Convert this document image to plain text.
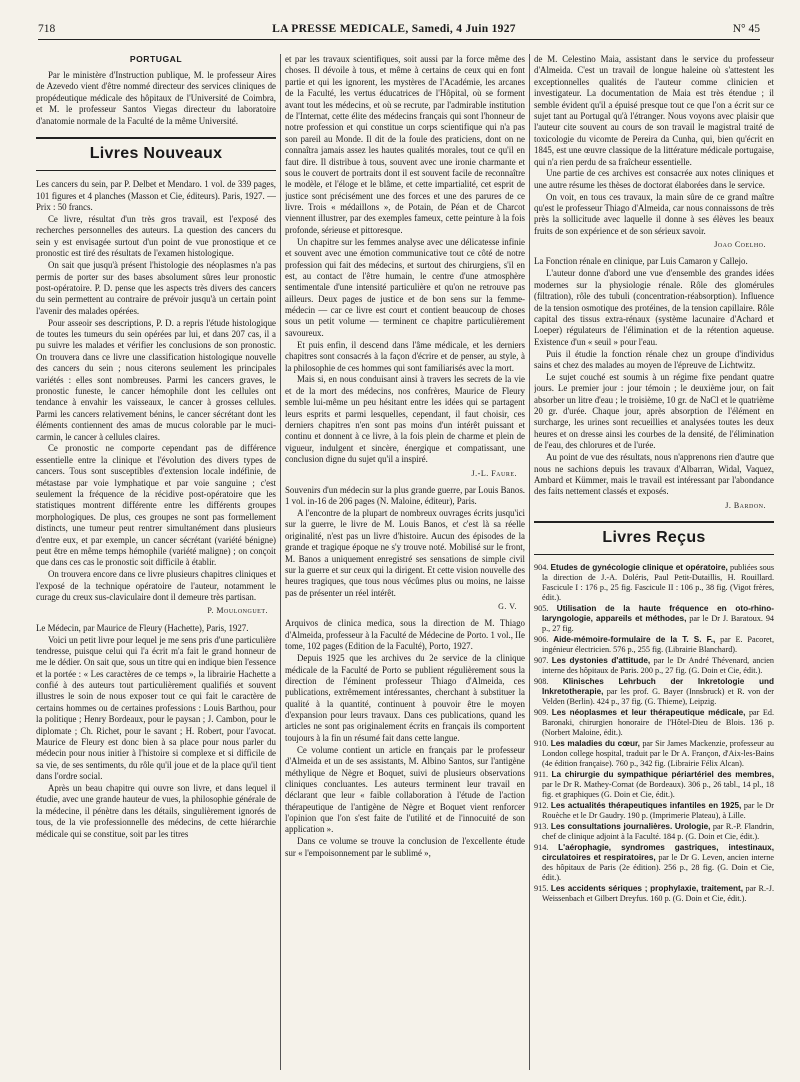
718	LA PRESSE MEDICALE, Samedi, 4 Juin 1927	N° 45
PORTUGAL

Par le ministère d'Instruction publique, M. le professeur Aires de Azevedo vient d'être nommé directeur des services cliniques de propédeutique médicale des hôpitaux de l'Université de Coimbra, et M. le professeur Santos Viegas directeur du laboratoire d'anatomie normale de la Faculté de la même Université.

Livres Nouveaux

Les cancers du sein, par P. Delbet et Mendaro. 1 vol. de 339 pages, 101 figures et 4 planches (Masson et Cie, éditeurs). Paris, 1927. — Prix : 50 francs.

Ce livre, résultat d'un très gros travail, est l'exposé des recherches personnelles des auteurs. La question des cancers du sein y est envisagée surtout d'un point de vue pronostique et ce pronostic est tiré des résultats de l'examen histologique.

On sait que jusqu'à présent l'histologie des néoplasmes n'a pas permis de porter sur des bases absolument sûres leur pronostic post-opératoire. P. D. pense que les aspects très divers des cancers du sein permettent au contraire de prévoir jusqu'à un certain point l'avenir des malades opérées.

Pour asseoir ses descriptions, P. D. a repris l'étude histologique de toutes les tumeurs du sein opérées par lui, et dans 207 cas, il a pu suivre les malades et vérifier les conclusions de son pronostic. On trouvera dans ce livre une classification histologique nouvelle des cancers du sein ; nous citerons seulement les principales variétés : elles sont nombreuses. Parmi les cancers graves, le pronostic funeste, le cancer hémophile dont les cellules ont tendance à envahir les vaisseaux, le cancer à grosses cellules. Parmi les cancers relativement bénins, le cancer sécrétant dont les éléments contiennent des amas de mucus colorable par le muci-carmin, le cancer à cellules claires.

Ce pronostic ne comporte cependant pas de différence essentielle entre la clinique et l'évolution des divers types de cancers. Tous sont susceptibles d'extension locale indéfinie, de métastase par voie lymphatique et par voie sanguine ; c'est seulement la fréquence de la récidive post-opératoire que les statistiques montrent différente entre les différents groupes morphologiques. De plus, ces groupes ne sont pas formellement distincts, une tumeur peut rentrer simultanément dans plusieurs d'entre eux, et par exemple, un cancer sécrétant (variété bénigne) peut être en même temps hémophile (variété maligne) ; on conçoit que dans ces cas le pronostic soit difficile à établir.

On trouvera encore dans ce livre plusieurs chapitres cliniques et l'exposé de la technique opératoire de l'auteur, notamment le curage du creux sus-claviculaire dont il demeure très partisan.

P. Moulonguet.

Le Médecin, par Maurice de Fleury (Hachette), Paris, 1927.

Voici un petit livre pour lequel je me sens pris d'une particulière tendresse, puisque celui qui l'a écrit m'a fait le grand honneur de me le dédier. On sait que, sous un titre qui en indique bien l'essence et la portée : « Les caractères de ce temps », la librairie Hachette a confié à des auteurs tout particulièrement qualifiés et souvent illustres le soin de nous exposer tout ce qui fait le caractère de certains hommes ou de certaines professions : Louis Barthou, pour la politique ; Henry Bordeaux, pour le paysan ; J. Cambon, pour le diplomate ; Ch. Richet, pour le savant ; H. Robert, pour l'avocat. Maurice de Fleury est donc bien à sa place pour nous parler du médecin pour nous initier à l'histoire si complexe et si difficile de sa vie, de ses sentiments, du rôle qu'il joue et de la place qu'il tient dans l'ordre social.

Après un beau chapitre qui ouvre son livre, et dans lequel il étudie, avec une grande hauteur de vues, la philosophie générale de la médecine, il pénètre dans les détails, singulièrement ignorés de tous, de la vie professionnelle des médecins, de cette hiérarchie médicale qui se constitue, soit par les titres

et par les travaux scientifiques, soit aussi par la force même des choses. Il dévoile à tous, et même à certains de ceux qui en font partie et qui les ignorent, les mystères de l'Académie, les arcanes de la Faculté, les vertus éducatrices de l'Hôpital, où se forment avant tout les médecins, et où se recrute, par l'admirable institution de l'Internat, cette élite des médecins français qui sont l'honneur de notre profession et qui constitue un corps scientifique qui n'a pas son pareil au Monde. Il dit de la foule des praticiens, dont on ne connaîtra jamais assez les hautes qualités morales, tout ce qu'il en faut dire. Il distribue à tous, souvent avec une ironie charmante et sous le couvert de portraits dont il est souvent facile de reconnaître le modèle, et l'éloge et le blâme, et cette impartialité, cet esprit de justice sont précisément une des forces et une des parures de ce livre. Trois « médaillons », de Potain, de Péan et de Charcot viennent illustrer, par des exemples fameux, cette peinture à la fois profonde, sérieuse et pittoresque.

Un chapitre sur les femmes analyse avec une délicatesse infinie et souvent avec une émotion communicative tout ce côté de notre profession qui fait des médecins, et surtout des chirurgiens, s'il en est, au contact de l'être humain, le centre d'une atmosphère sentimentale d'une intensité particulière et qu'on ne retrouve pas ailleurs. Deux pages de justice et de bon sens sur la femme-médecin — car ce livre est court et contient beaucoup de choses sous un petit volume — terminent ce chapitre particulièrement savoureux.

Et puis enfin, il descend dans l'âme médicale, et les derniers chapitres sont consacrés à la façon d'écrire et de penser, au style, à la philosophie de ces hommes qui sont familiarisés avec la mort.

Mais si, en nous conduisant ainsi à travers les secrets de la vie et de la mort des médecins, nos confrères, Maurice de Fleury semble lui-même un peu hésitant entre les idées qui se partagent leurs esprits et parmi lesquelles, cependant, il faut choisir, ces derniers chapitres n'en sont pas moins d'un intérêt puissant et continu et donnent à ce livre, à la fois plein de charme et plein de vigueur, indulgent et sincère, énergique et compatissant, une conclusion digne du sujet qu'il a inspiré.

J.-L. Faure.

Souvenirs d'un médecin sur la plus grande guerre, par Louis Banos. 1 vol. in-16 de 206 pages (N. Maloine, éditeur), Paris.

A l'encontre de la plupart de nombreux ouvrages écrits jusqu'ici sur la guerre, le livre de M. Louis Banos, et c'est là sa réelle originalité, n'est pas un livre d'histoire. Aucun des épisodes de la grande et tragique époque ne s'y trouve noté. Mobilisé sur le front, M. Banos a uniquement enregistré ses sensations de simple civil sur la guerre et sur ceux qui la dirigent. Et cette vision nouvelle des heures tragiques, que tous nous vécûmes plus ou moins, ne laisse pas de présenter un réel intérêt.

G. V.

Arquivos de clinica medica, sous la direction de M. Thiago d'Almeida, professeur à la Faculté de Médecine de Porto. 1 vol., IIe tome, 102 pages (Edition de la Faculté), Porto, 1927.

Depuis 1925 que les archives du 2e service de la clinique médicale de la Faculté de Porto se publient régulièrement sous la direction de l'éminent professeur Thiago d'Almeida, ces publications, extrêmement intéressantes, cherchant à substituer la qualité à la quantité, continuent à pouvoir être le moyen d'expansion pour leurs travaux. Dans ces publications, quand les articles ne sont pas originalement écrits en français ils comportent toujours à la fin un résumé fait dans cette langue.

Ce volume contient un article en français par le professeur d'Almeida et un de ses assistants, M. Albino Santos, sur l'antigène méthylique de Nègre et Boquet, suivi de plusieurs observations cliniques concluantes. Les auteurs terminent leur travail en déclarant que leur « faible collaboration à l'étude de l'action thérapeutique de l'antigène de Nègre et Boquet vient renforcer l'opinion que l'on s'est faite de l'utilité et de l'innocuité de son application ».

Dans ce volume se trouve la conclusion de l'excellente étude sur « l'empoisonnement par le sublimé »,

de M. Celestino Maia, assistant dans le service du professeur d'Almeida. C'est un travail de longue haleine où s'attestent les exceptionnelles qualités de l'auteur comme clinicien et investigateur. La documentation de Maia est très étendue ; il semble évident qu'il a épuisé presque tout ce que l'on a écrit sur ce sujet tant au Portugal qu'à l'étranger. Nous voyons avec plaisir que l'auteur cite souvent au cours de son travail le magistral traité de toxicologie du vicomte de Pereira da Cunha, qui, bien qu'écrit en 1845, est une œuvre classique de la littérature médicale portugaise, qui n'a rien perdu de sa fraîcheur essentielle.

Une partie de ces archives est consacrée aux notes cliniques et une autre résume les thèses de doctorat élaborées dans le service.

On voit, en tous ces travaux, la main sûre de ce grand maître qu'est le professeur Thiago d'Almeida, car nous connaissons de très près la sollicitude avec laquelle il donne à ses élèves les beaux fruits de son expérience et de son sérieux savoir.

Joao Coelho.

La Fonction rénale en clinique, par Luis Camaron y Callejo.

L'auteur donne d'abord une vue d'ensemble des grandes idées modernes sur la physiologie rénale. Rôle des glomérules (filtration), rôle des tubuli (concentration-réabsorption). Influence de la tension osmotique des protéines, de la tension capillaire. Rôle capital des tissus extra-rénaux (système lacunaire d'Achard et Loeper) régulateurs de l'élimination et de la rétention aqueuse. Existence d'un « seuil » pour l'eau.

Puis il étudie la fonction rénale chez un groupe d'individus sains et chez des malades au moyen de l'épreuve de Lichtwitz.

Le sujet couché est soumis à un régime fixe pendant quatre jours. Le premier jour : jour témoin ; le deuxième jour, on fait absorber un litre d'eau ; le troisième, 10 gr. de NaCl et le quatrième 20 gr. d'urée. Chaque jour, après absorption de l'élément en surcharge, les urines sont recueillies et analysées toutes les deux heures et on dresse ainsi les courbes de la densité, de l'élimination de l'eau, des chlorures et de l'urée.

Au point de vue des résultats, nous n'apprenons rien d'autre que nous ne sachions depuis les travaux d'Albarran, Widal, Vaquez, Ambard et Kümmer, mais le travail est intéressant par l'abondance des faits nettement classés et exposés.

J. Bardon.
Livres Reçus

904. Etudes de gynécologie clinique et opératoire, publiées sous la direction de J.-A. Doléris, Paul Petit-Dutaillis, H. Rouillard. Fascicule I : 176 p., 25 fig. Fascicule II : 106 p., 38 fig. (Vigot frères, édit.).

905. Utilisation de la haute fréquence en oto-rhino-laryngologie, appareils et méthodes, par le Dr J. Baratoux. 94 p., 27 fig.

906. Aide-mémoire-formulaire de la T. S. F., par E. Pacoret, ingénieur électricien. 576 p., 255 fig. (Librairie Blanchard).

907. Les dystonies d'attitude, par le Dr André Thévenard, ancien interne des hôpitaux de Paris. 200 p., 27 fig. (G. Doin et Cie, édit.).

908. Klinisches Lehrbuch der Inkretologie und Inkretotherapie, par les prof. G. Bayer (Innsbruck) et R. von der Velden (Berlin). 424 p., 37 fig. (G. Thieme), Leipzig.

909. Les néoplasmes et leur thérapeutique médicale, par Ed. Baronaki, chirurgien honoraire de l'Hôtel-Dieu de Blois. 136 p. (Norbert Maloine, édit.).

910. Les maladies du cœur, par Sir James Mackenzie, professeur au London college hospital, traduit par le Dr A. Françon, d'Aix-les-Bains (4e édition française). 760 p., 342 fig. (Librairie Félix Alcan).

911. La chirurgie du sympathique périartériel des membres, par le Dr R. Mathey-Cornat (de Bordeaux). 306 p., 26 tabl., 14 pl., 18 fig. et graphiques (G. Doin et Cie, édit.).

912. Les actualités thérapeutiques infantiles en 1925, par le Dr Rouèche et le Dr Gaudry. 190 p. (Imprimerie Plateau), à Lille.

913. Les consultations journalières. Urologie, par R.-P. Flandrin, chef de clinique adjoint à la Faculté. 184 p. (G. Doin et Cie, édit.).

914. L'aérophagie, syndromes gastriques, intestinaux, circulatoires et respiratoires, par le Dr G. Leven, ancien interne des hôpitaux de Paris (2e édition). 256 p., 28 fig. (G. Doin et Cie, édit.).

915. Les accidents sériques ; prophylaxie, traitement, par R.-J. Weissenbach et Gilbert Dreyfus. 160 p. (G. Doin et Cie, édit.).
